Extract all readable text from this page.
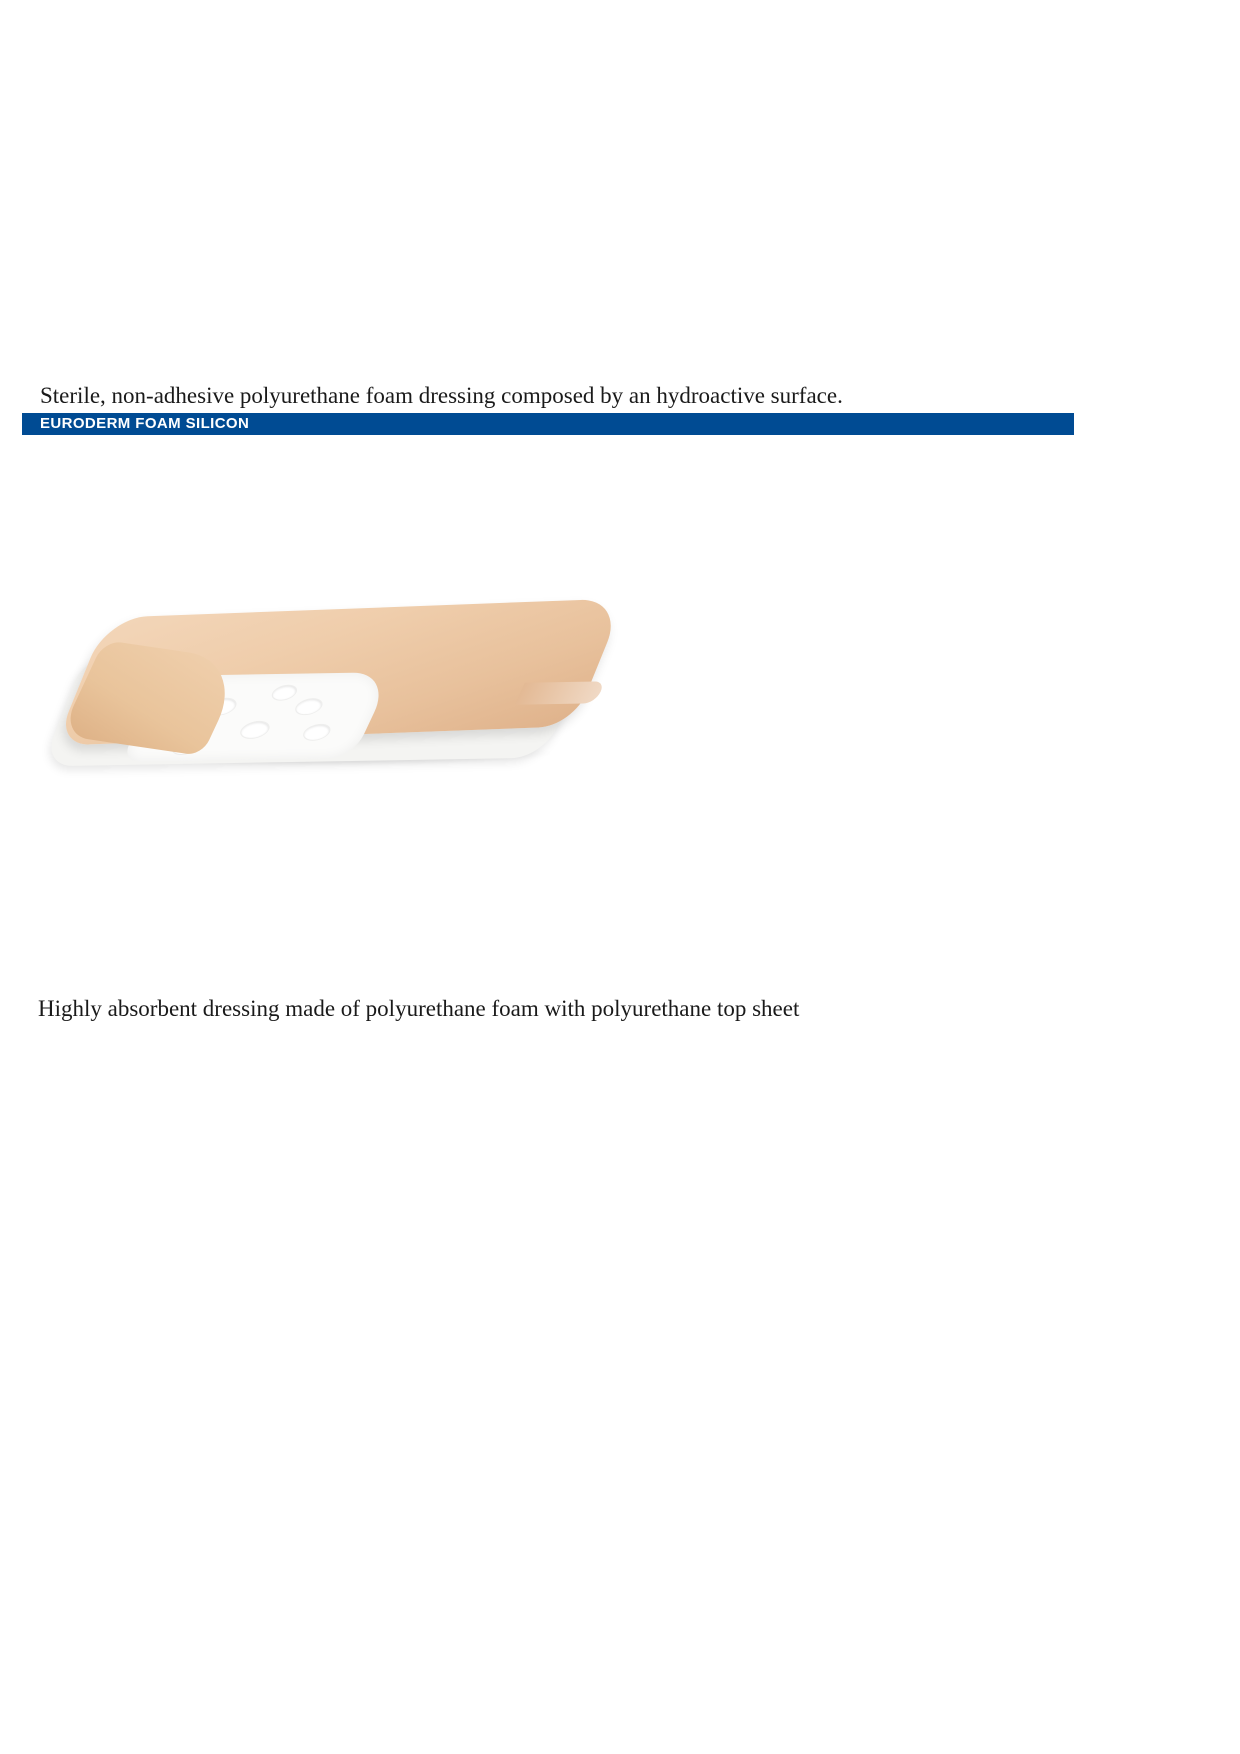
Sterile, non-adhesive polyurethane foam dressing composed by an hydroactive surface.

EURODERM FOAM SILICON

Highly absorbent dressing made of polyurethane foam with polyurethane top sheet
